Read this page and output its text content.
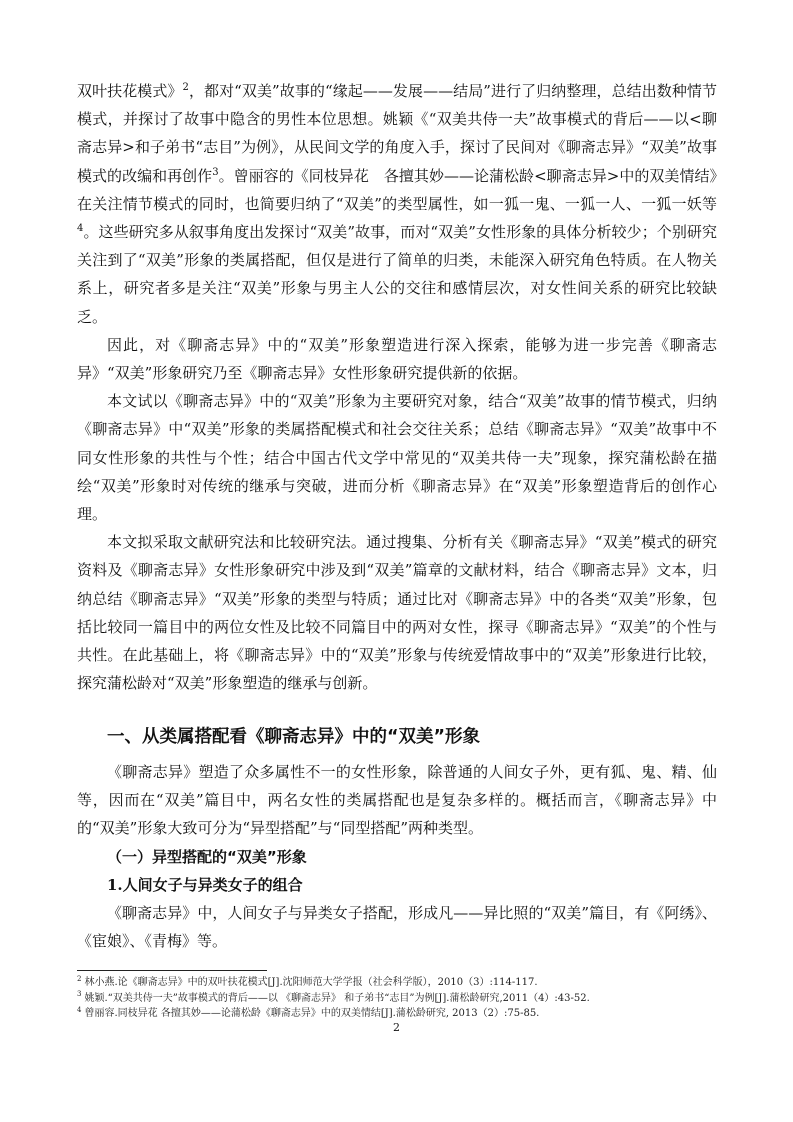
双叶扶花模式》$^2$，都对“双美”故事的“缘起——发展——结局”进行了归纳整理，总结出数种情节模式，并探讨了故事中隐含的男性本位思想。姚颖《“双美共侍一夫”故事模式的背后——以<聊斋志异>和子弟书“志目”为例》，从民间文学的角度入手，探讨了民间对《聊斋志异》“双美”故事模式的改编和再创作$^3$。曾丽容的《同枝异花　各擅其妙——论蒲松龄<聊斋志异>中的双美情结》在关注情节模式的同时，也简要归纳了“双美”的类型属性，如一狐一鬼、一狐一人、一狐一妖等$^4$。这些研究多从叙事角度出发探讨“双美”故事，而对“双美”女性形象的具体分析较少；个别研究关注到了“双美”形象的类属搭配，但仅是进行了简单的归类，未能深入研究角色特质。在人物关系上，研究者多是关注“双美”形象与男主人公的交往和感情层次，对女性间关系的研究比较缺乏。

因此，对《聊斋志异》中的“双美”形象塑造进行深入探索，能够为进一步完善《聊斋志异》“双美”形象研究乃至《聊斋志异》女性形象研究提供新的依据。

本文试以《聊斋志异》中的“双美”形象为主要研究对象，结合“双美”故事的情节模式，归纳《聊斋志异》中“双美”形象的类属搭配模式和社会交往关系；总结《聊斋志异》“双美”故事中不同女性形象的共性与个性；结合中国古代文学中常见的“双美共侍一夫”现象，探究蒲松龄在描绘“双美”形象时对传统的继承与突破，进而分析《聊斋志异》在“双美”形象塑造背后的创作心理。

本文拟采取文献研究法和比较研究法。通过搜集、分析有关《聊斋志异》“双美”模式的研究资料及《聊斋志异》女性形象研究中涉及到“双美”篇章的文献材料，结合《聊斋志异》文本，归纳总结《聊斋志异》“双美”形象的类型与特质；通过比对《聊斋志异》中的各类“双美”形象，包括比较同一篇目中的两位女性及比较不同篇目中的两对女性，探寻《聊斋志异》“双美”的个性与共性。在此基础上，将《聊斋志异》中的“双美”形象与传统爱情故事中的“双美”形象进行比较，探究蒲松龄对“双美”形象塑造的继承与创新。

一、从类属搭配看《聊斋志异》中的“双美”形象

《聊斋志异》塑造了众多属性不一的女性形象，除普通的人间女子外，更有狐、鬼、精、仙等，因而在“双美”篇目中，两名女性的类属搭配也是复杂多样的。概括而言，《聊斋志异》中的“双美”形象大致可分为“异型搭配”与“同型搭配”两种类型。

（一）异型搭配的“双美”形象
1.人间女子与异类女子的组合

《聊斋志异》中，人间女子与异类女子搭配，形成凡——异比照的“双美”篇目，有《阿绣》、《宦娘》、《青梅》等。

$^2$ 林小燕.论《聊斋志异》中的双叶扶花模式[J].沈阳师范大学学报（社会科学版），2010（3）:114-117.

$^3$ 姚颖.“双美共侍一夫”故事模式的背后——以 《聊斋志异》 和子弟书“志目”为例[J].蒲松龄研究,2011（4）:43-52.

$^4$ 曾丽容.同枝异花 各擅其妙——论蒲松龄《聊斋志异》中的双美情结[J].蒲松龄研究, 2013（2）:75-85.

2
